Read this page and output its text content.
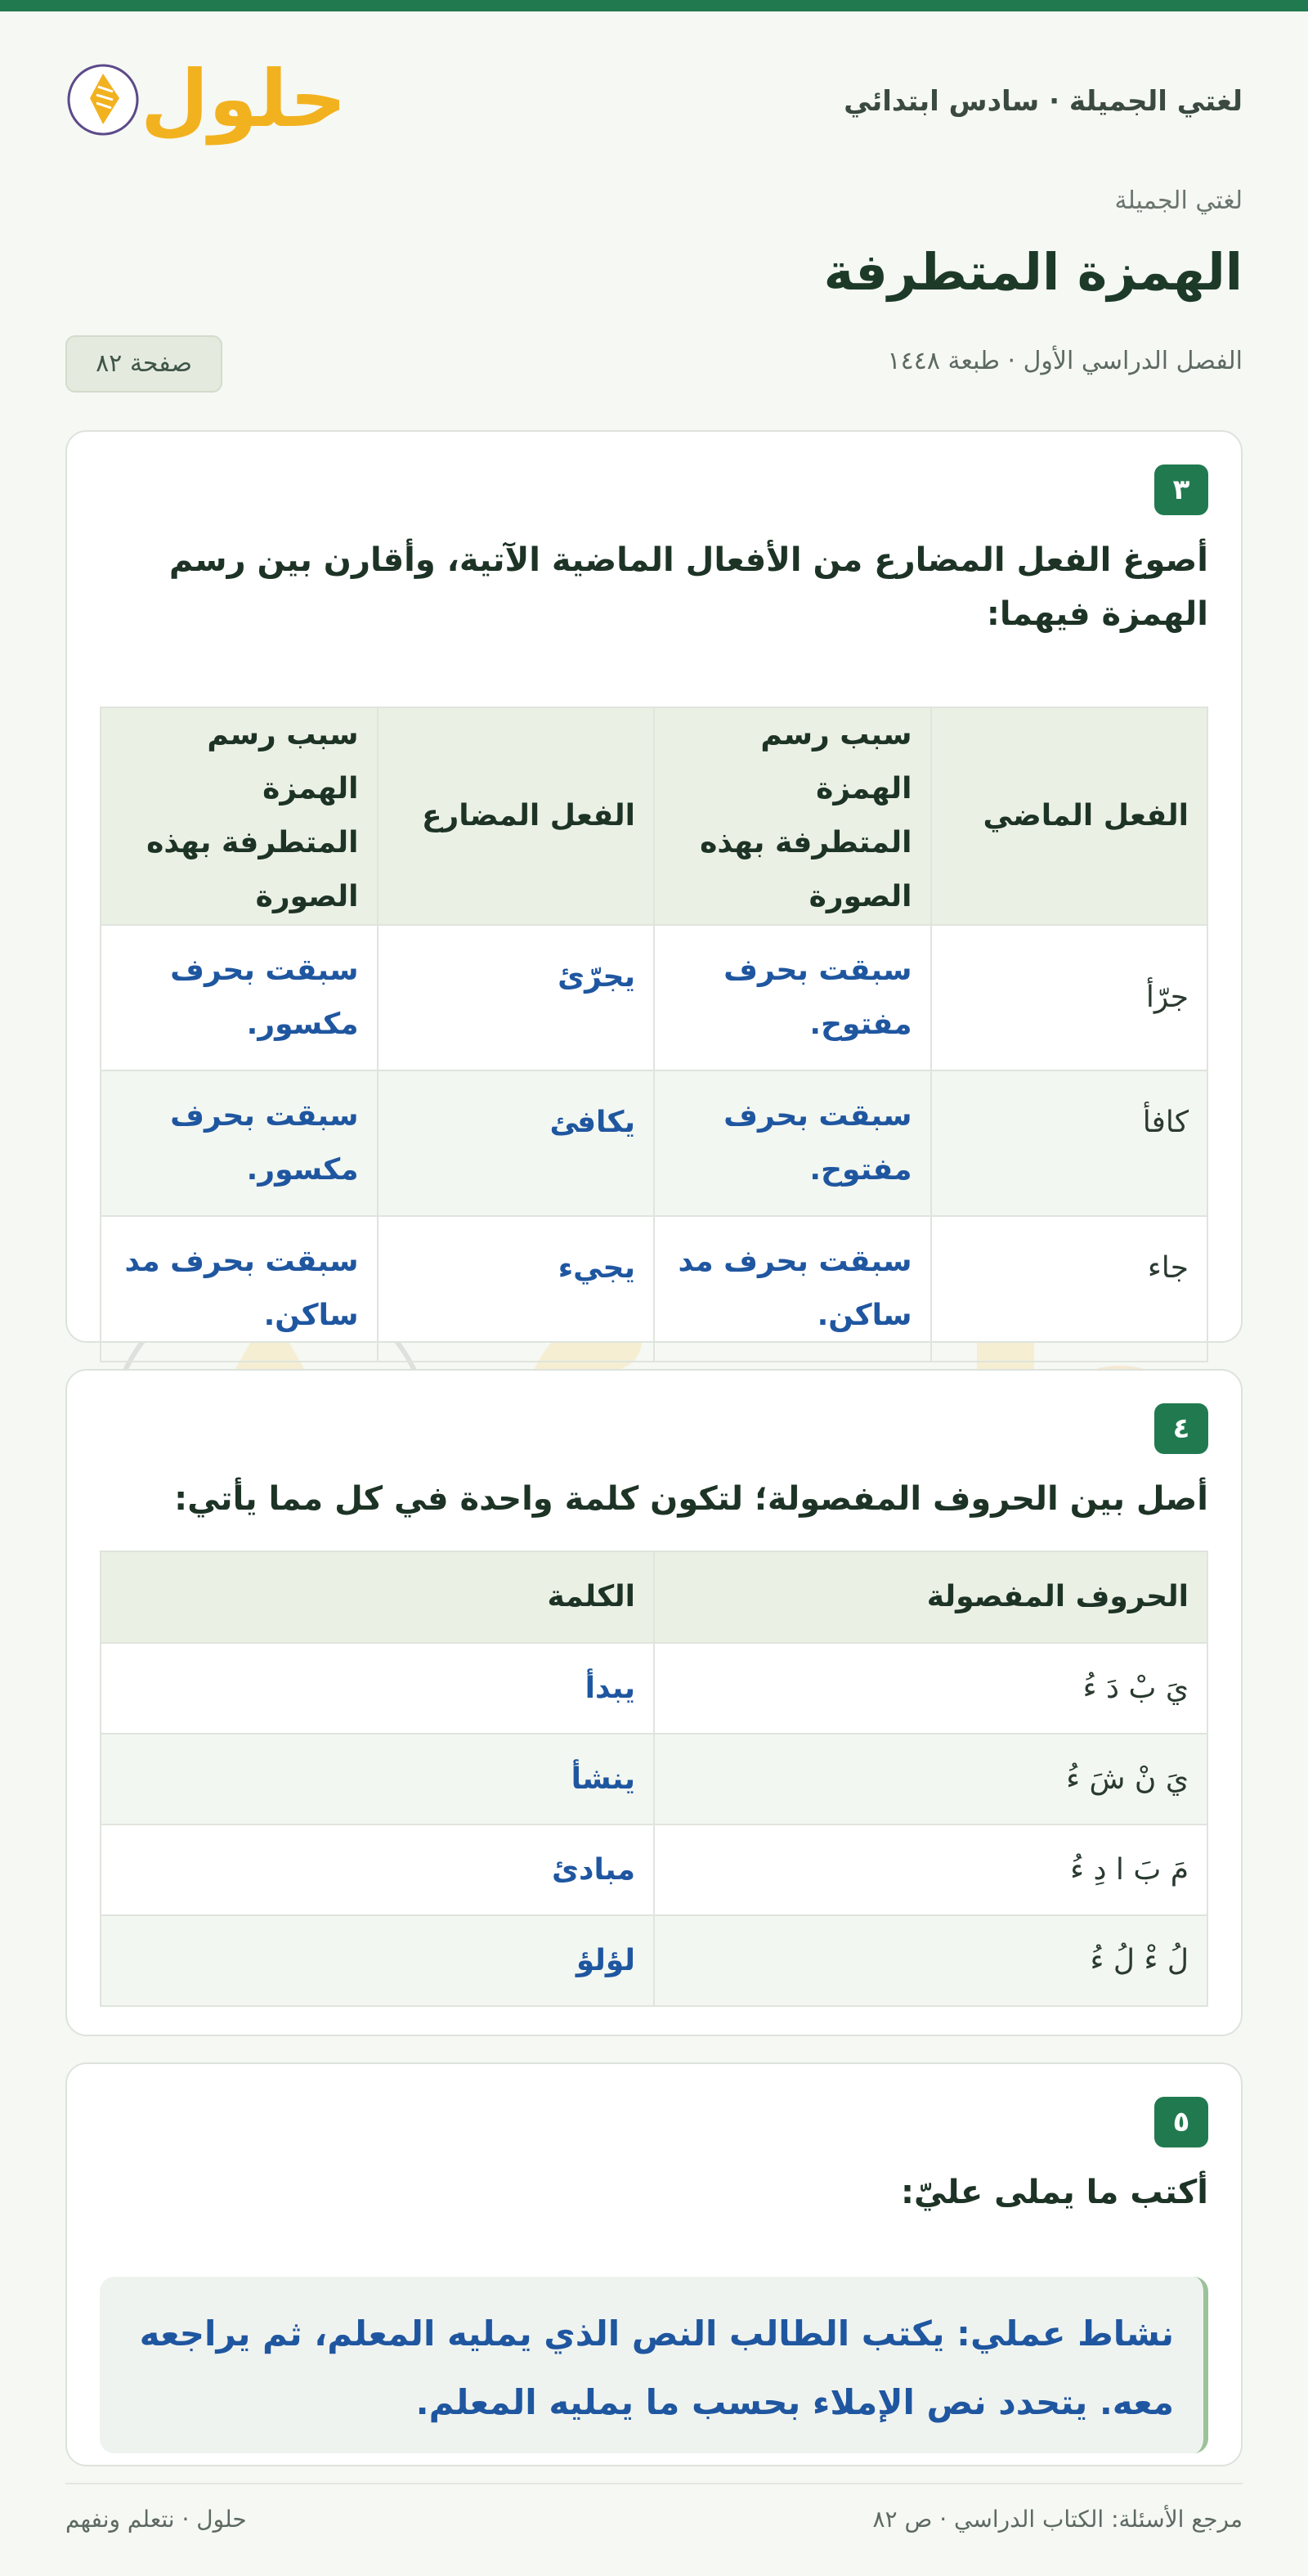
لغتي الجميلة · سادس ابتدائي
حلول
لغتي الجميلة
الهمزة المتطرفة
الفصل الدراسي الأول · طبعة ١٤٤٨
صفحة ٨٢
٣
أصوغ الفعل المضارع من الأفعال الماضية الآتية، وأقارن بين رسم الهمزة فيهما:
الفعل الماضي	سبب رسم الهمزة المتطرفة بهذه الصورة	الفعل المضارع	سبب رسم الهمزة المتطرفة بهذه الصورة
جرّأ	سبقت بحرف مفتوح.	يجرّئ	سبقت بحرف مكسور.
كافأ	سبقت بحرف مفتوح.	يكافئ	سبقت بحرف مكسور.
جاء	سبقت بحرف مد ساكن.	يجيء	سبقت بحرف مد ساكن.
٤
أصل بين الحروف المفصولة؛ لتكون كلمة واحدة في كل مما يأتي:
الحروف المفصولة	الكلمة
يَ بْ دَ ءُ	يبدأ
يَ نْ شَ ءُ	ينشأ
مَ بَ ا دِ ءُ	مبادئ
لُ ءْ لُ ءُ	لؤلؤ
٥
أكتب ما يملى عليّ:
نشاط عملي: يكتب الطالب النص الذي يمليه المعلم، ثم يراجعه معه. يتحدد نص الإملاء بحسب ما يمليه المعلم.
مرجع الأسئلة: الكتاب الدراسي · ص ٨٢
حلول · نتعلم ونفهم
